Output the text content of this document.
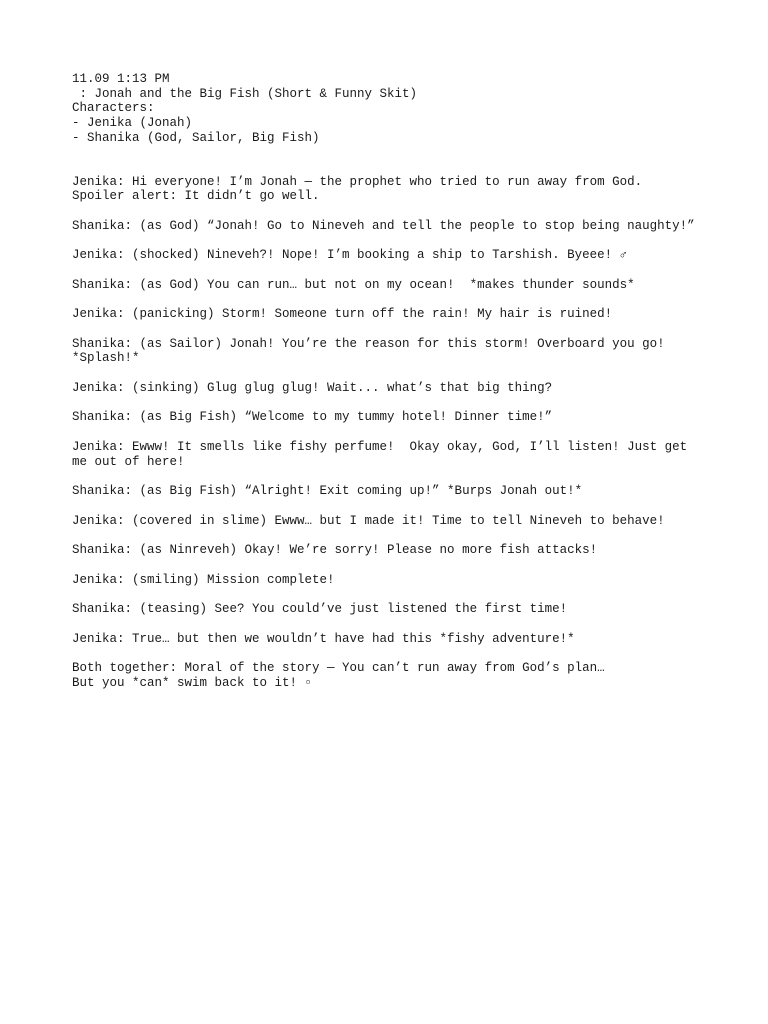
11.09 1:13 PM
: Jonah and the Big Fish (Short & Funny Skit)
Characters:
- Jenika (Jonah)
- Shanika (God, Sailor, Big Fish)
Jenika: Hi everyone! I’m Jonah — the prophet who tried to run away from God.
Spoiler alert: It didn’t go well.
Shanika: (as God) “Jonah! Go to Nineveh and tell the people to stop being naughty!”
Jenika: (shocked) Nineveh?! Nope! I’m booking a ship to Tarshish. Byeee! ♂
Shanika: (as God) You can run… but not on my ocean!  *makes thunder sounds*
Jenika: (panicking) Storm! Someone turn off the rain! My hair is ruined!
Shanika: (as Sailor) Jonah! You’re the reason for this storm! Overboard you go!
*Splash!*
Jenika: (sinking) Glug glug glug! Wait... what’s that big thing?
Shanika: (as Big Fish) “Welcome to my tummy hotel! Dinner time!”
Jenika: Ewww! It smells like fishy perfume!  Okay okay, God, I’ll listen! Just get
me out of here!
Shanika: (as Big Fish) “Alright! Exit coming up!” *Burps Jonah out!*
Jenika: (covered in slime) Ewww… but I made it! Time to tell Nineveh to behave!
Shanika: (as Ninreveh) Okay! We’re sorry! Please no more fish attacks!
Jenika: (smiling) Mission complete!
Shanika: (teasing) See? You could’ve just listened the first time!
Jenika: True… but then we wouldn’t have had this *fishy adventure!*
Both together: Moral of the story — You can’t run away from God’s plan…
But you *can* swim back to it! ▫
